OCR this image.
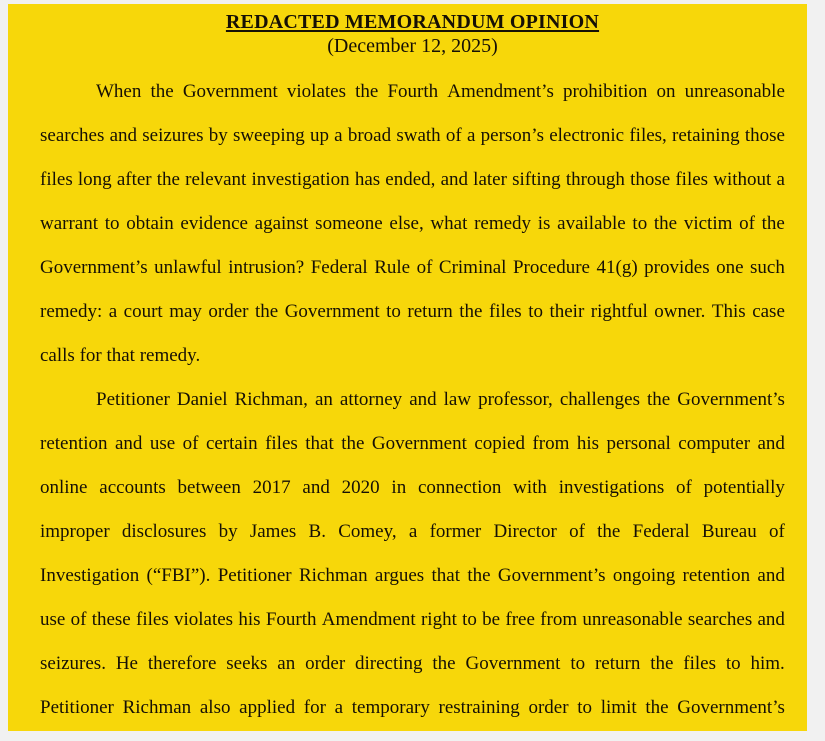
REDACTED MEMORANDUM OPINION
(December 12, 2025)
When the Government violates the Fourth Amendment’s prohibition on unreasonable
searches and seizures by sweeping up a broad swath of a person’s electronic files, retaining those
files long after the relevant investigation has ended, and later sifting through those files without a
warrant to obtain evidence against someone else, what remedy is available to the victim of the
Government’s unlawful intrusion? Federal Rule of Criminal Procedure 41(g) provides one such
remedy: a court may order the Government to return the files to their rightful owner. This case
calls for that remedy.
Petitioner Daniel Richman, an attorney and law professor, challenges the Government’s
retention and use of certain files that the Government copied from his personal computer and
online accounts between 2017 and 2020 in connection with investigations of potentially
improper disclosures by James B. Comey, a former Director of the Federal Bureau of
Investigation (“FBI”). Petitioner Richman argues that the Government’s ongoing retention and
use of these files violates his Fourth Amendment right to be free from unreasonable searches and
seizures. He therefore seeks an order directing the Government to return the files to him.
Petitioner Richman also applied for a temporary restraining order to limit the Government’s
